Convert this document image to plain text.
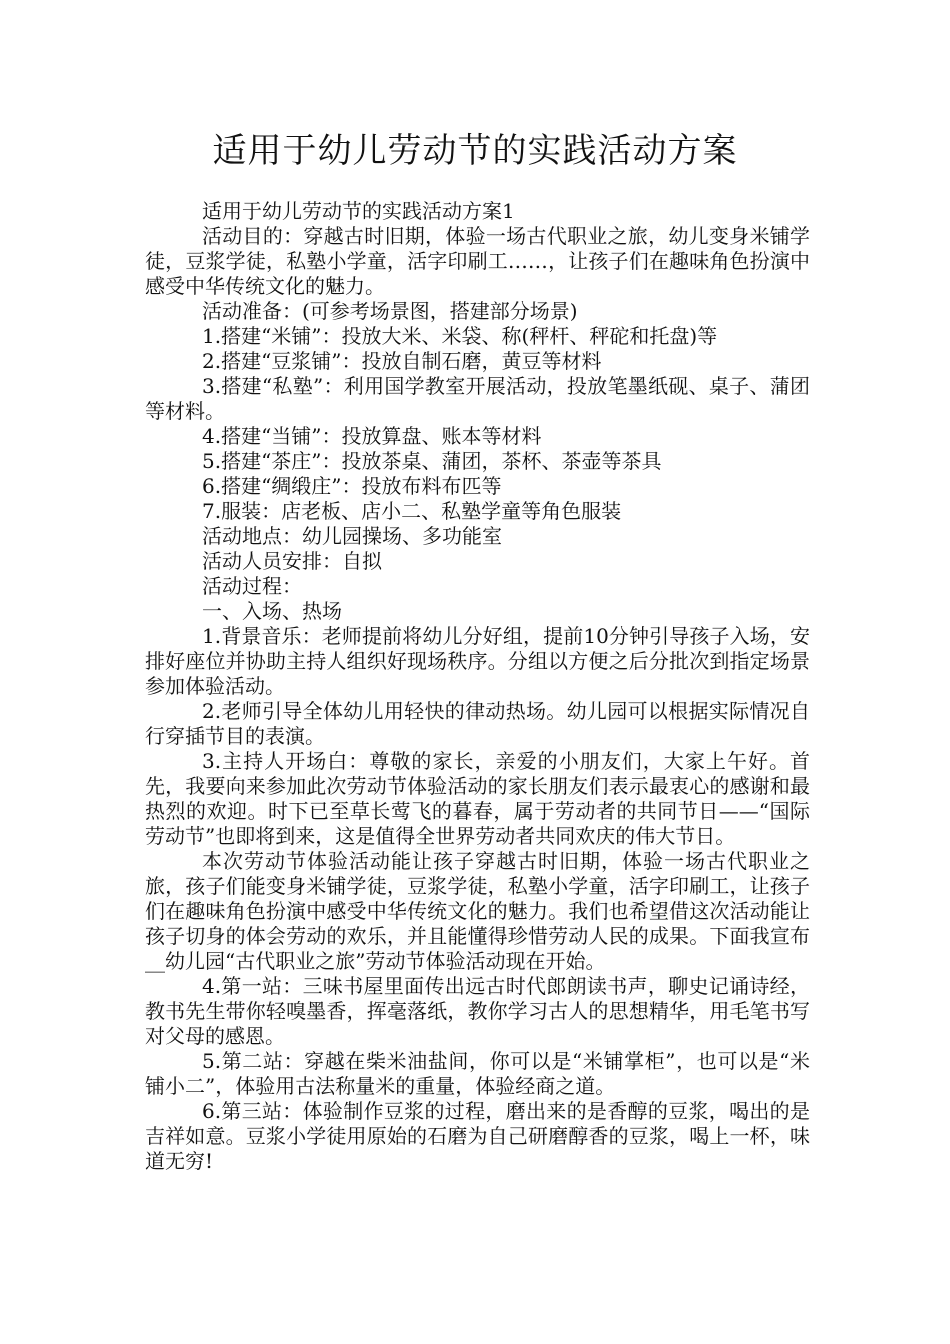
适用于幼儿劳动节的实践活动方案

适用于幼儿劳动节的实践活动方案1

活动目的：穿越古时旧期，体验一场古代职业之旅，幼儿变身米铺学徒，豆浆学徒，私塾小学童，活字印刷工……，让孩子们在趣味角色扮演中感受中华传统文化的魅力。

活动准备：(可参考场景图，搭建部分场景)

1.搭建“米铺”：投放大米、米袋、称(秤杆、秤砣和托盘)等

2.搭建“豆浆铺”：投放自制石磨，黄豆等材料

3.搭建“私塾”：利用国学教室开展活动，投放笔墨纸砚、桌子、蒲团等材料。

4.搭建“当铺”：投放算盘、账本等材料

5.搭建“茶庄”：投放茶桌、蒲团，茶杯、茶壶等茶具

6.搭建“绸缎庄”：投放布料布匹等

7.服装：店老板、店小二、私塾学童等角色服装

活动地点：幼儿园操场、多功能室

活动人员安排：自拟

活动过程：

一、入场、热场

1.背景音乐：老师提前将幼儿分好组，提前10分钟引导孩子入场，安排好座位并协助主持人组织好现场秩序。分组以方便之后分批次到指定场景参加体验活动。

2.老师引导全体幼儿用轻快的律动热场。幼儿园可以根据实际情况自行穿插节目的表演。

3.主持人开场白：尊敬的家长，亲爱的小朋友们，大家上午好。首先，我要向来参加此次劳动节体验活动的家长朋友们表示最衷心的感谢和最热烈的欢迎。时下已至草长莺飞的暮春，属于劳动者的共同节日——“国际劳动节”也即将到来，这是值得全世界劳动者共同欢庆的伟大节日。

本次劳动节体验活动能让孩子穿越古时旧期，体验一场古代职业之旅，孩子们能变身米铺学徒，豆浆学徒，私塾小学童，活字印刷工，让孩子们在趣味角色扮演中感受中华传统文化的魅力。我们也希望借这次活动能让孩子切身的体会劳动的欢乐，并且能懂得珍惜劳动人民的成果。下面我宣布__幼儿园“古代职业之旅”劳动节体验活动现在开始。

4.第一站：三味书屋里面传出远古时代郎朗读书声，聊史记诵诗经，教书先生带你轻嗅墨香，挥毫落纸，教你学习古人的思想精华，用毛笔书写对父母的感恩。

5.第二站：穿越在柴米油盐间，你可以是“米铺掌柜”，也可以是“米铺小二”，体验用古法称量米的重量，体验经商之道。

6.第三站：体验制作豆浆的过程，磨出来的是香醇的豆浆，喝出的是吉祥如意。豆浆小学徒用原始的石磨为自己研磨醇香的豆浆，喝上一杯，味道无穷!
